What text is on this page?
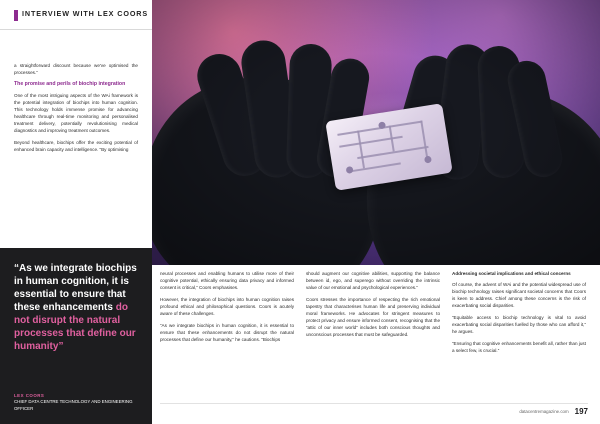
INTERVIEW WITH LEX COORS

a straightforward discount because we've optimised the processes.”

The promise and perils of biochip integration

One of the most intriguing aspects of the WAi framework is the potential integration of biochips into human cognition. This technology holds immense promise for advancing healthcare through real-time monitoring and personalised treatment delivery, potentially revolutionising medical diagnostics and improving treatment outcomes.

Beyond healthcare, biochips offer the exciting potential of enhanced brain capacity and intelligence. “By optimising

“As we integrate biochips in human cognition, it is essential to ensure that these enhancements do not disrupt the natural processes that define our humanity”

LEX COORS
CHIEF DATA CENTRE TECHNOLOGY AND ENGINEERING OFFICER

neural processes and enabling humans to utilise more of their cognitive potential, ethically ensuring data privacy and informed consent is critical,” Coors emphasises.

However, the integration of biochips into human cognition raises profound ethical and philosophical questions. Coors is acutely aware of these challenges.

“As we integrate biochips in human cognition, it is essential to ensure that these enhancements do not disrupt the natural processes that define our humanity,” he cautions. “Biochips

should augment our cognitive abilities, supporting the balance between id, ego, and superego without overriding the intrinsic value of our emotional and psychological experiences.”

Coors stresses the importance of respecting the rich emotional tapestry that characterises human life and preserving individual moral frameworks. He advocates for stringent measures to protect privacy and ensure informed consent, recognising that the “attic of our inner world” includes both conscious thoughts and unconscious processes that must be safeguarded.

Addressing societal implications and ethical concerns

Of course, the advent of WAi and the potential widespread use of biochip technology raises significant societal concerns that Coors is keen to address. Chief among these concerns is the risk of exacerbating social disparities.

“Equitable access to biochip technology is vital to avoid exacerbating social disparities fuelled by those who can afford it,” he argues.

“Ensuring that cognitive enhancements benefit all, rather than just a select few, is crucial.”

datacentremagazine.com 197
